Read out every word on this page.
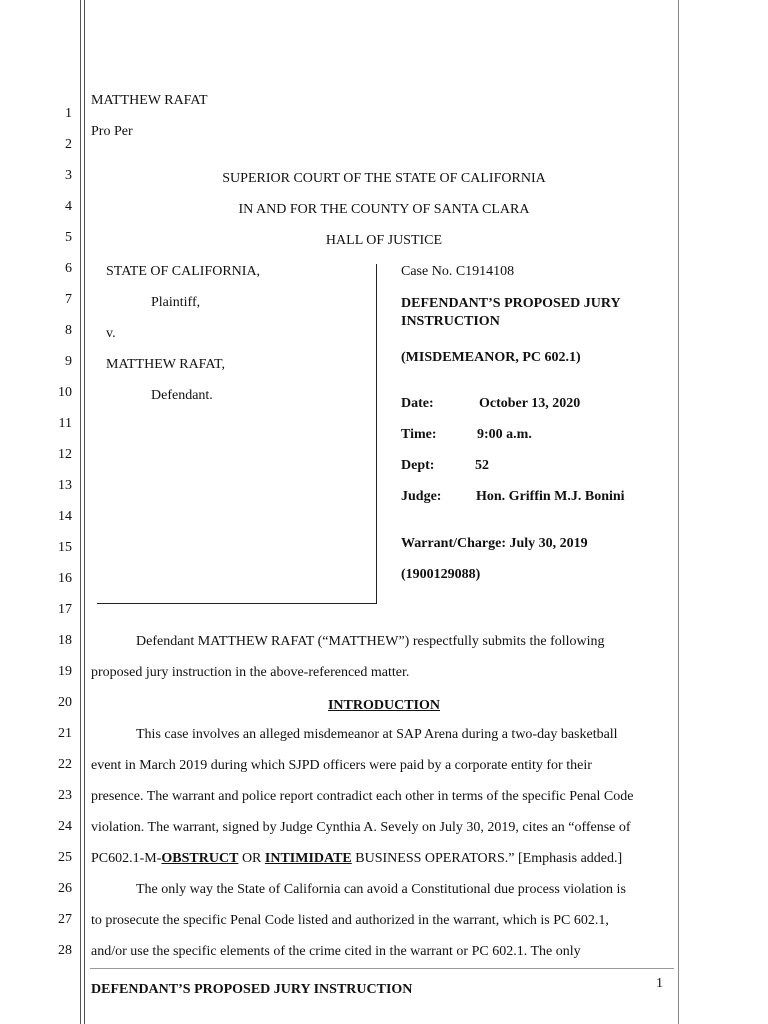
1
2
3
4
5
6
7
8
9
10
11
12
13
14
15
16
17
18
19
20
21
22
23
24
25
26
27
28
MATTHEW RAFAT
Pro Per
SUPERIOR COURT OF THE STATE OF CALIFORNIA
IN AND FOR THE COUNTY OF SANTA CLARA
HALL OF JUSTICE
STATE OF CALIFORNIA,
Plaintiff,
v.
MATTHEW RAFAT,
Defendant.
Case No. C1914108
DEFENDANT’S PROPOSED JURY
INSTRUCTION
(MISDEMEANOR, PC 602.1)
Date:	October 13, 2020
Time:	9:00 a.m.
Dept:	52
Judge: Hon. Griffin M.J. Bonini
Warrant/Charge: July 30, 2019
(1900129088)
Defendant MATTHEW RAFAT (“MATTHEW”) respectfully submits the following
proposed jury instruction in the above-referenced matter.
INTRODUCTION
This case involves an alleged misdemeanor at SAP Arena during a two-day basketball
event in March 2019 during which SJPD officers were paid by a corporate entity for their
presence. The warrant and police report contradict each other in terms of the specific Penal Code
violation. The warrant, signed by Judge Cynthia A. Sevely on July 30, 2019, cites an “offense of
PC602.1-M-OBSTRUCT OR INTIMIDATE BUSINESS OPERATORS.” [Emphasis added.]
The only way the State of California can avoid a Constitutional due process violation is
to prosecute the specific Penal Code listed and authorized in the warrant, which is PC 602.1,
and/or use the specific elements of the crime cited in the warrant or PC 602.1. The only
1
DEFENDANT’S PROPOSED JURY INSTRUCTION
